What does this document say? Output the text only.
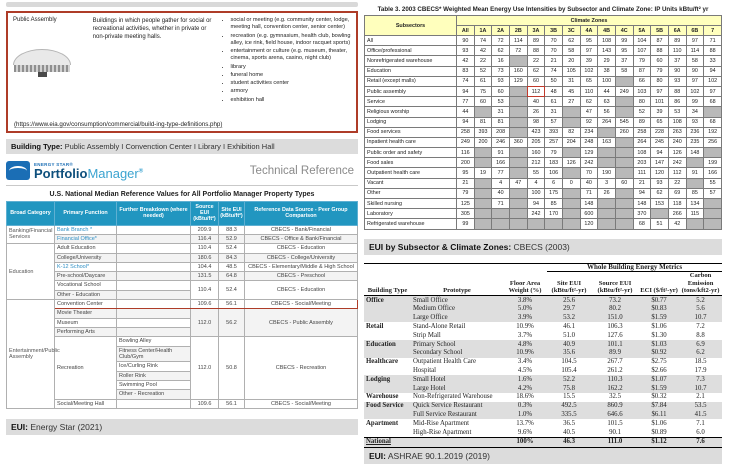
Public Assembly	Buildings in which people gather for social or recreational activities, whether in private or non-private meeting halls.
• social or meeting (e.g. community center, lodge, meeting hall, convention center, senior center)
• recreation (e.g. gymnasium, health club, bowling alley, ice rink, field house, indoor racquet sports)
• entertainment or culture (e.g. museum, theater, cinema, sports arena, casino, night club)
• library
• funeral home
• student activities center
• armory
• exhibition hall
(https://www.eia.gov/consumption/commercial/build-ing-type-definitions.php)
Building Type: Public Assembly I Convenction Center I Library I Exhibition Hall
ENERGY STAR®
PortfolioManager®	Technical Reference
U.S. National Median Reference Values for All Portfolio Manager Property Types
Broad Category	Primary Function	Further Breakdown (where needed)	Source EUI (kBtu/ft²)	Site EUI (kBtu/ft²)	Reference Data Source - Peer Group Comparison
Banking/Financial Services	Bank Branch *		209.9	88.3	CBECS - Bank/Financial
	Financial Office*		116.4	52.9	CBECS - Office & Bank/Financial
Education	Adult Education		110.4	52.4	CBECS - Education
	College/University		180.6	84.3	CBECS - College/University
	K-12 School*		104.4	48.5	CBECS - Elementary/Middle & High School
	Pre-school/Daycare		131.5	64.8	CBECS - Preschool
	Vocational School		110.4	52.4	CBECS - Education
	Other - Education				
Entertainment/Public Assembly	Convention Center		109.6	56.1	CBECS - Social/Meeting
	Movie Theater		112.0	56.2	CBECS - Public Assembly
	Museum				
	Performing Arts				
	Recreation	Bowling Alley	112.0	50.8	CBECS - Recreation
		Fitness Center/Health Club/Gym			
		Ice/Curling Rink			
		Roller Rink			
		Swimming Pool			
		Other - Recreation			
	Social/Meeting Hall		109.6	56.1	CBECS - Social/Meeting
EUI: Energy Star (2021)
Table 3. 2003 CBECS* Weighted Mean Energy Use Intensities by Subsector and Climate Zone: IP Units kBtu/ft² yr
Subsectors	Climate Zones														
	All	1A	2A	2B	3A	3B	3C	4A	4B	4C	5A	5B	6A	6B	7
All	90	74	72	114	89	70	62	95	108	99	104	87	89	97	71
Office/professional	93	42	62	72	88	70	58	97	143	95	107	88	110	114	88
Nonrefrigerated warehouse	42	22	16		22	21	20	39	29	37	79	60	37	58	33
Education	83	52	73	160	62	74	105	102	38	58	87	79	90	90	94
Retail (except malls)	74	61	93	129	60	50	31	65	100		66	80	93	97	102
Public assembly	94	75	60		112	48	45	110	44	249	103	97	88	102	97
Service	77	60	53		40	61	27	62	63		80	101	86	99	68
Religious worship	44		31		26	31		47	56		52	39	53	34	
Lodging	94	81	81		98	57		92	264	545	89	65	108	93	68
Food services	258	393	208		423	393	82	234		260	258	228	263	236	192
Inpatient health care	249	200	246	360	205	257	204	248	163		264	245	240	235	256
Public order and safety	116		91		160	79		129			108	94	126	148	
Food sales	200		166		212	183	126	242			203	147	242		199
Outpatient health care	95	19	77		55	106		70	190		111	120	112	91	166
Vacant	21		4	47	4	6	0	40	3	60	21	93	22		55
Other	79		40		100	175		71	26		94	62	69	85	57
Skilled nursing	125		71		94	85		148			148	153	118	134	
Laboratory	305				242	170		600			370		266	115	
Refrigerated warehouse	99							120			68	51	42		
EUI by Subsector & Climate Zones: CBECS (2003)
			Whole Building Energy Metrics			
Building Type	Prototype	Floor Area Weight (%)	Site EUI (kBtu/ft²-yr)	Source EUI (kBtu/ft²-yr)	ECI ($/ft²-yr)	Carbon Emission (tons/kft2-yr)
Office	Small Office	3.8%	25.6	73.2	$0.77	5.2
	Medium Office	5.0%	29.7	80.2	$0.83	5.6
	Large Office	3.9%	53.2	151.0	$1.59	10.7
Retail	Stand-Alone Retail	10.9%	46.1	106.3	$1.06	7.2
	Strip Mall	3.7%	51.0	127.6	$1.30	8.8
Education	Primary School	4.8%	40.9	101.1	$1.03	6.9
	Secondary School	10.9%	35.6	89.9	$0.92	6.2
Healthcare	Outpatient Health Care	3.4%	104.5	267.7	$2.75	18.5
	Hospital	4.5%	105.4	261.2	$2.66	17.9
Lodging	Small Hotel	1.6%	52.2	110.3	$1.07	7.3
	Large Hotel	4.2%	75.8	162.2	$1.59	10.7
Warehouse	Non-Refrigerated Warehouse	18.6%	15.5	32.5	$0.32	2.1
Food Service	Quick Service Restaurant	0.3%	492.5	860.9	$7.84	53.5
	Full Service Restaurant	1.0%	335.5	646.6	$6.11	41.5
Apartment	Mid-Rise Apartment	13.7%	36.5	101.5	$1.06	7.1
	High-Rise Apartment	9.6%	40.5	90.1	$0.89	6.0
National		100%	46.3	111.0	$1.12	7.6
EUI: ASHRAE 90.1.2019 (2019)
